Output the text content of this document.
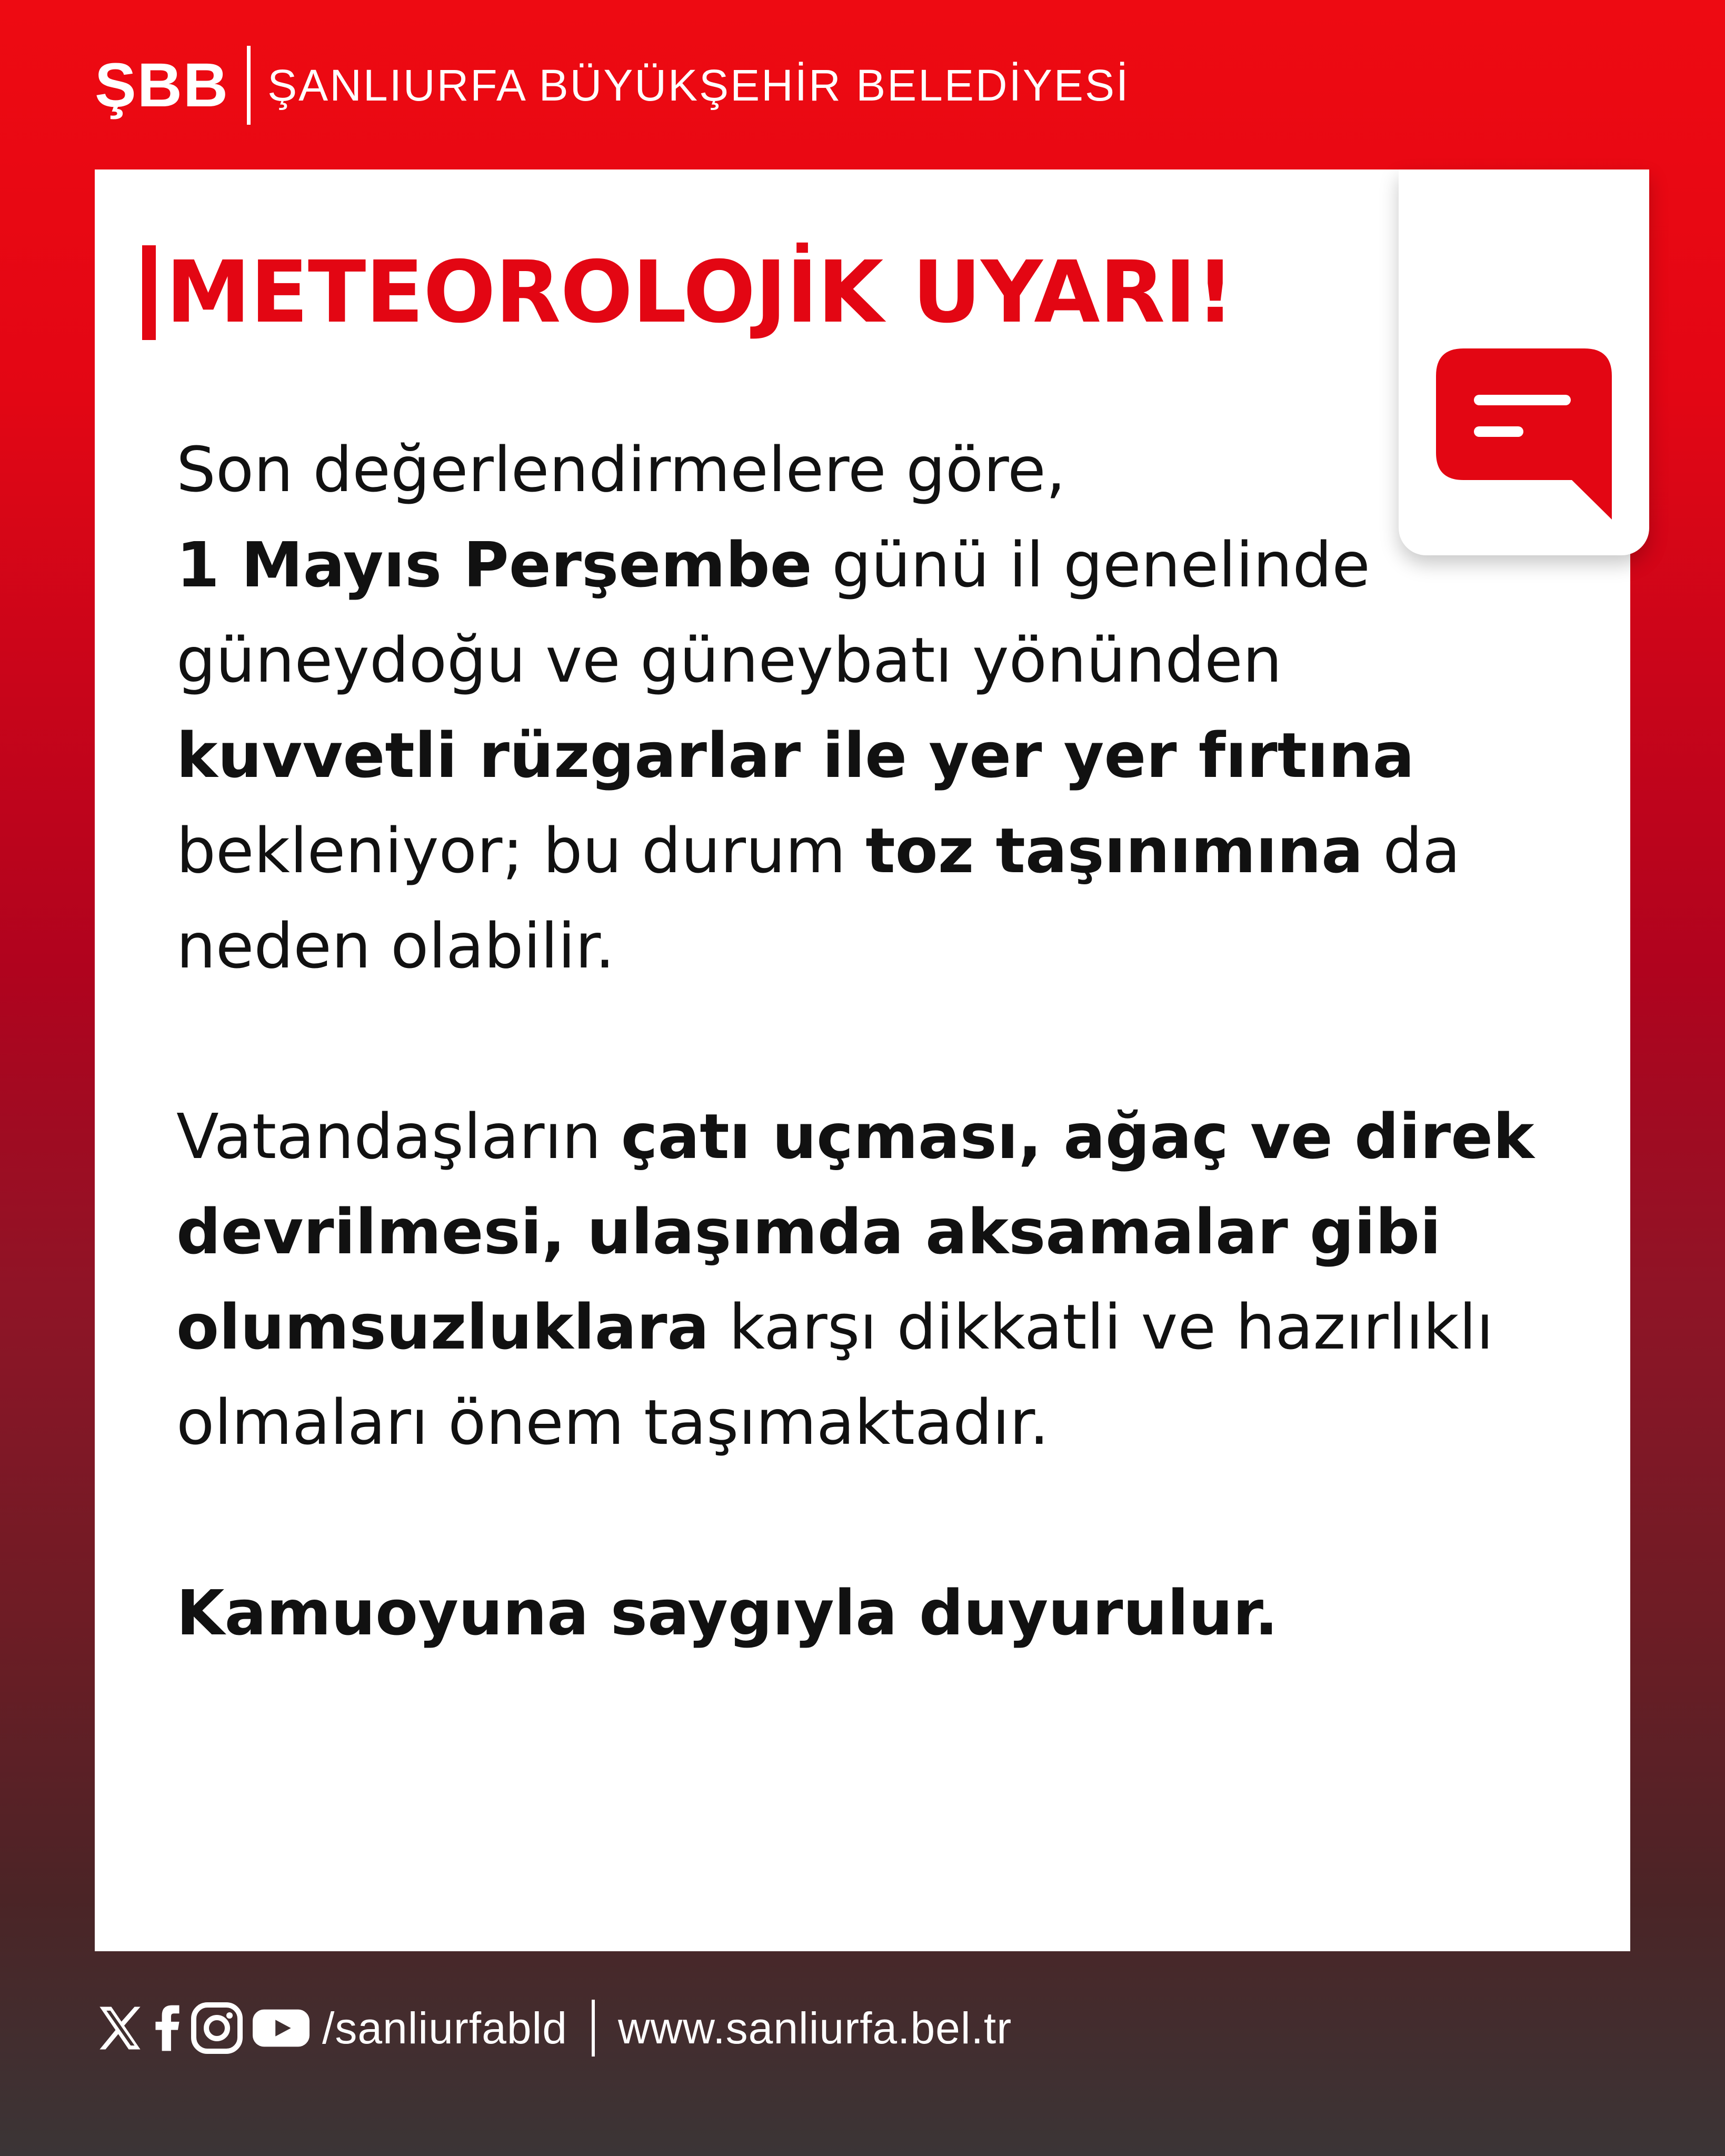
ŞBB ŞANLIURFA BÜYÜKŞEHİR BELEDİYESİ
METEOROLOJİK UYARI!

Son değerlendirmelere göre,
1 Mayıs Perşembe günü il genelinde güneydoğu ve güneybatı yönünden kuvvetli rüzgarlar ile yer yer fırtına bekleniyor; bu durum toz taşınımına da neden olabilir.

Vatandaşların çatı uçması, ağaç ve direk devrilmesi, ulaşımda aksamalar gibi olumsuzluklara karşı dikkatli ve hazırlıklı olmaları önem taşımaktadır.

Kamuoyuna saygıyla duyurulur.

/sanliurfabld www.sanliurfa.bel.tr
